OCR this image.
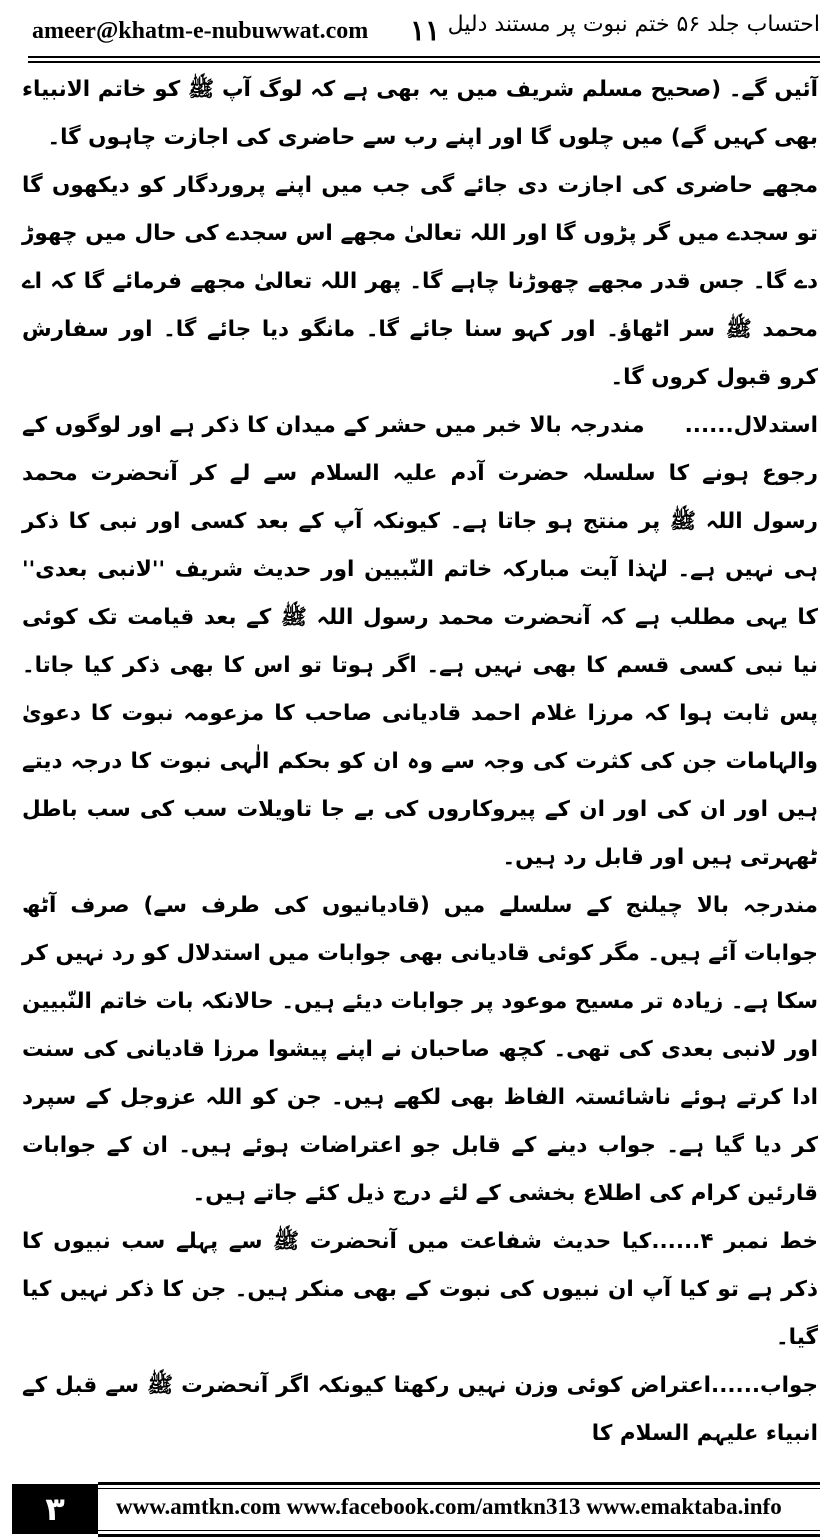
ameer@khatm-e-nubuwwat.com ۱۱ احتساب جلد ۵۶ ختم نبوت پر مستند دلیل

آئیں گے۔ (صحیح مسلم شریف میں یہ بھی ہے کہ لوگ آپ ﷺ کو خاتم الانبیاء بھی کہیں گے) میں چلوں گا اور اپنے رب سے حاضری کی اجازت چاہوں گا۔

مجھے حاضری کی اجازت دی جائے گی جب میں اپنے پروردگار کو دیکھوں گا تو سجدے میں گر پڑوں گا اور اللہ تعالیٰ مجھے اس سجدے کی حال میں چھوڑ دے گا۔ جس قدر مجھے چھوڑنا چاہے گا۔ پھر اللہ تعالیٰ مجھے فرمائے گا کہ اے محمد ﷺ سر اٹھاؤ۔ اور کہو سنا جائے گا۔ مانگو دیا جائے گا۔ اور سفارش کرو قبول کروں گا۔

استدلال......مندرجہ بالا خبر میں حشر کے میدان کا ذکر ہے اور لوگوں کے رجوع ہونے کا سلسلہ حضرت آدم علیہ السلام سے لے کر آنحضرت محمد رسول اللہ ﷺ پر منتج ہو جاتا ہے۔ کیونکہ آپ کے بعد کسی اور نبی کا ذکر ہی نہیں ہے۔ لہٰذا آیت مبارکہ خاتم النّبیین اور حدیث شریف ''لانبی بعدی'' کا یہی مطلب ہے کہ آنحضرت محمد رسول اللہ ﷺ کے بعد قیامت تک کوئی نیا نبی کسی قسم کا بھی نہیں ہے۔ اگر ہوتا تو اس کا بھی ذکر کیا جاتا۔ پس ثابت ہوا کہ مرزا غلام احمد قادیانی صاحب کا مزعومہ نبوت کا دعویٰ والہامات جن کی کثرت کی وجہ سے وہ ان کو بحکم الٰہی نبوت کا درجہ دیتے ہیں اور ان کی اور ان کے پیروکاروں کی بے جا تاویلات سب کی سب باطل ٹھہرتی ہیں اور قابل رد ہیں۔

مندرجہ بالا چیلنج کے سلسلے میں (قادیانیوں کی طرف سے) صرف آٹھ جوابات آئے ہیں۔ مگر کوئی قادیانی بھی جوابات میں استدلال کو رد نہیں کر سکا ہے۔ زیادہ تر مسیح موعود پر جوابات دیئے ہیں۔ حالانکہ بات خاتم النّبیین اور لانبی بعدی کی تھی۔ کچھ صاحبان نے اپنے پیشوا مرزا قادیانی کی سنت ادا کرتے ہوئے ناشائستہ الفاظ بھی لکھے ہیں۔ جن کو اللہ عزوجل کے سپرد کر دیا گیا ہے۔ جواب دینے کے قابل جو اعتراضات ہوئے ہیں۔ ان کے جوابات قارئین کرام کی اطلاع بخشی کے لئے درج ذیل کئے جاتے ہیں۔

خط نمبر ۴......کیا حدیث شفاعت میں آنحضرت ﷺ سے پہلے سب نبیوں کا ذکر ہے تو کیا آپ ان نبیوں کی نبوت کے بھی منکر ہیں۔ جن کا ذکر نہیں کیا گیا۔

جواب......اعتراض کوئی وزن نہیں رکھتا کیونکہ اگر آنحضرت ﷺ سے قبل کے انبیاء علیہم السلام کا

۳	www.amtkn.com www.facebook.com/amtkn313 www.emaktaba.info
